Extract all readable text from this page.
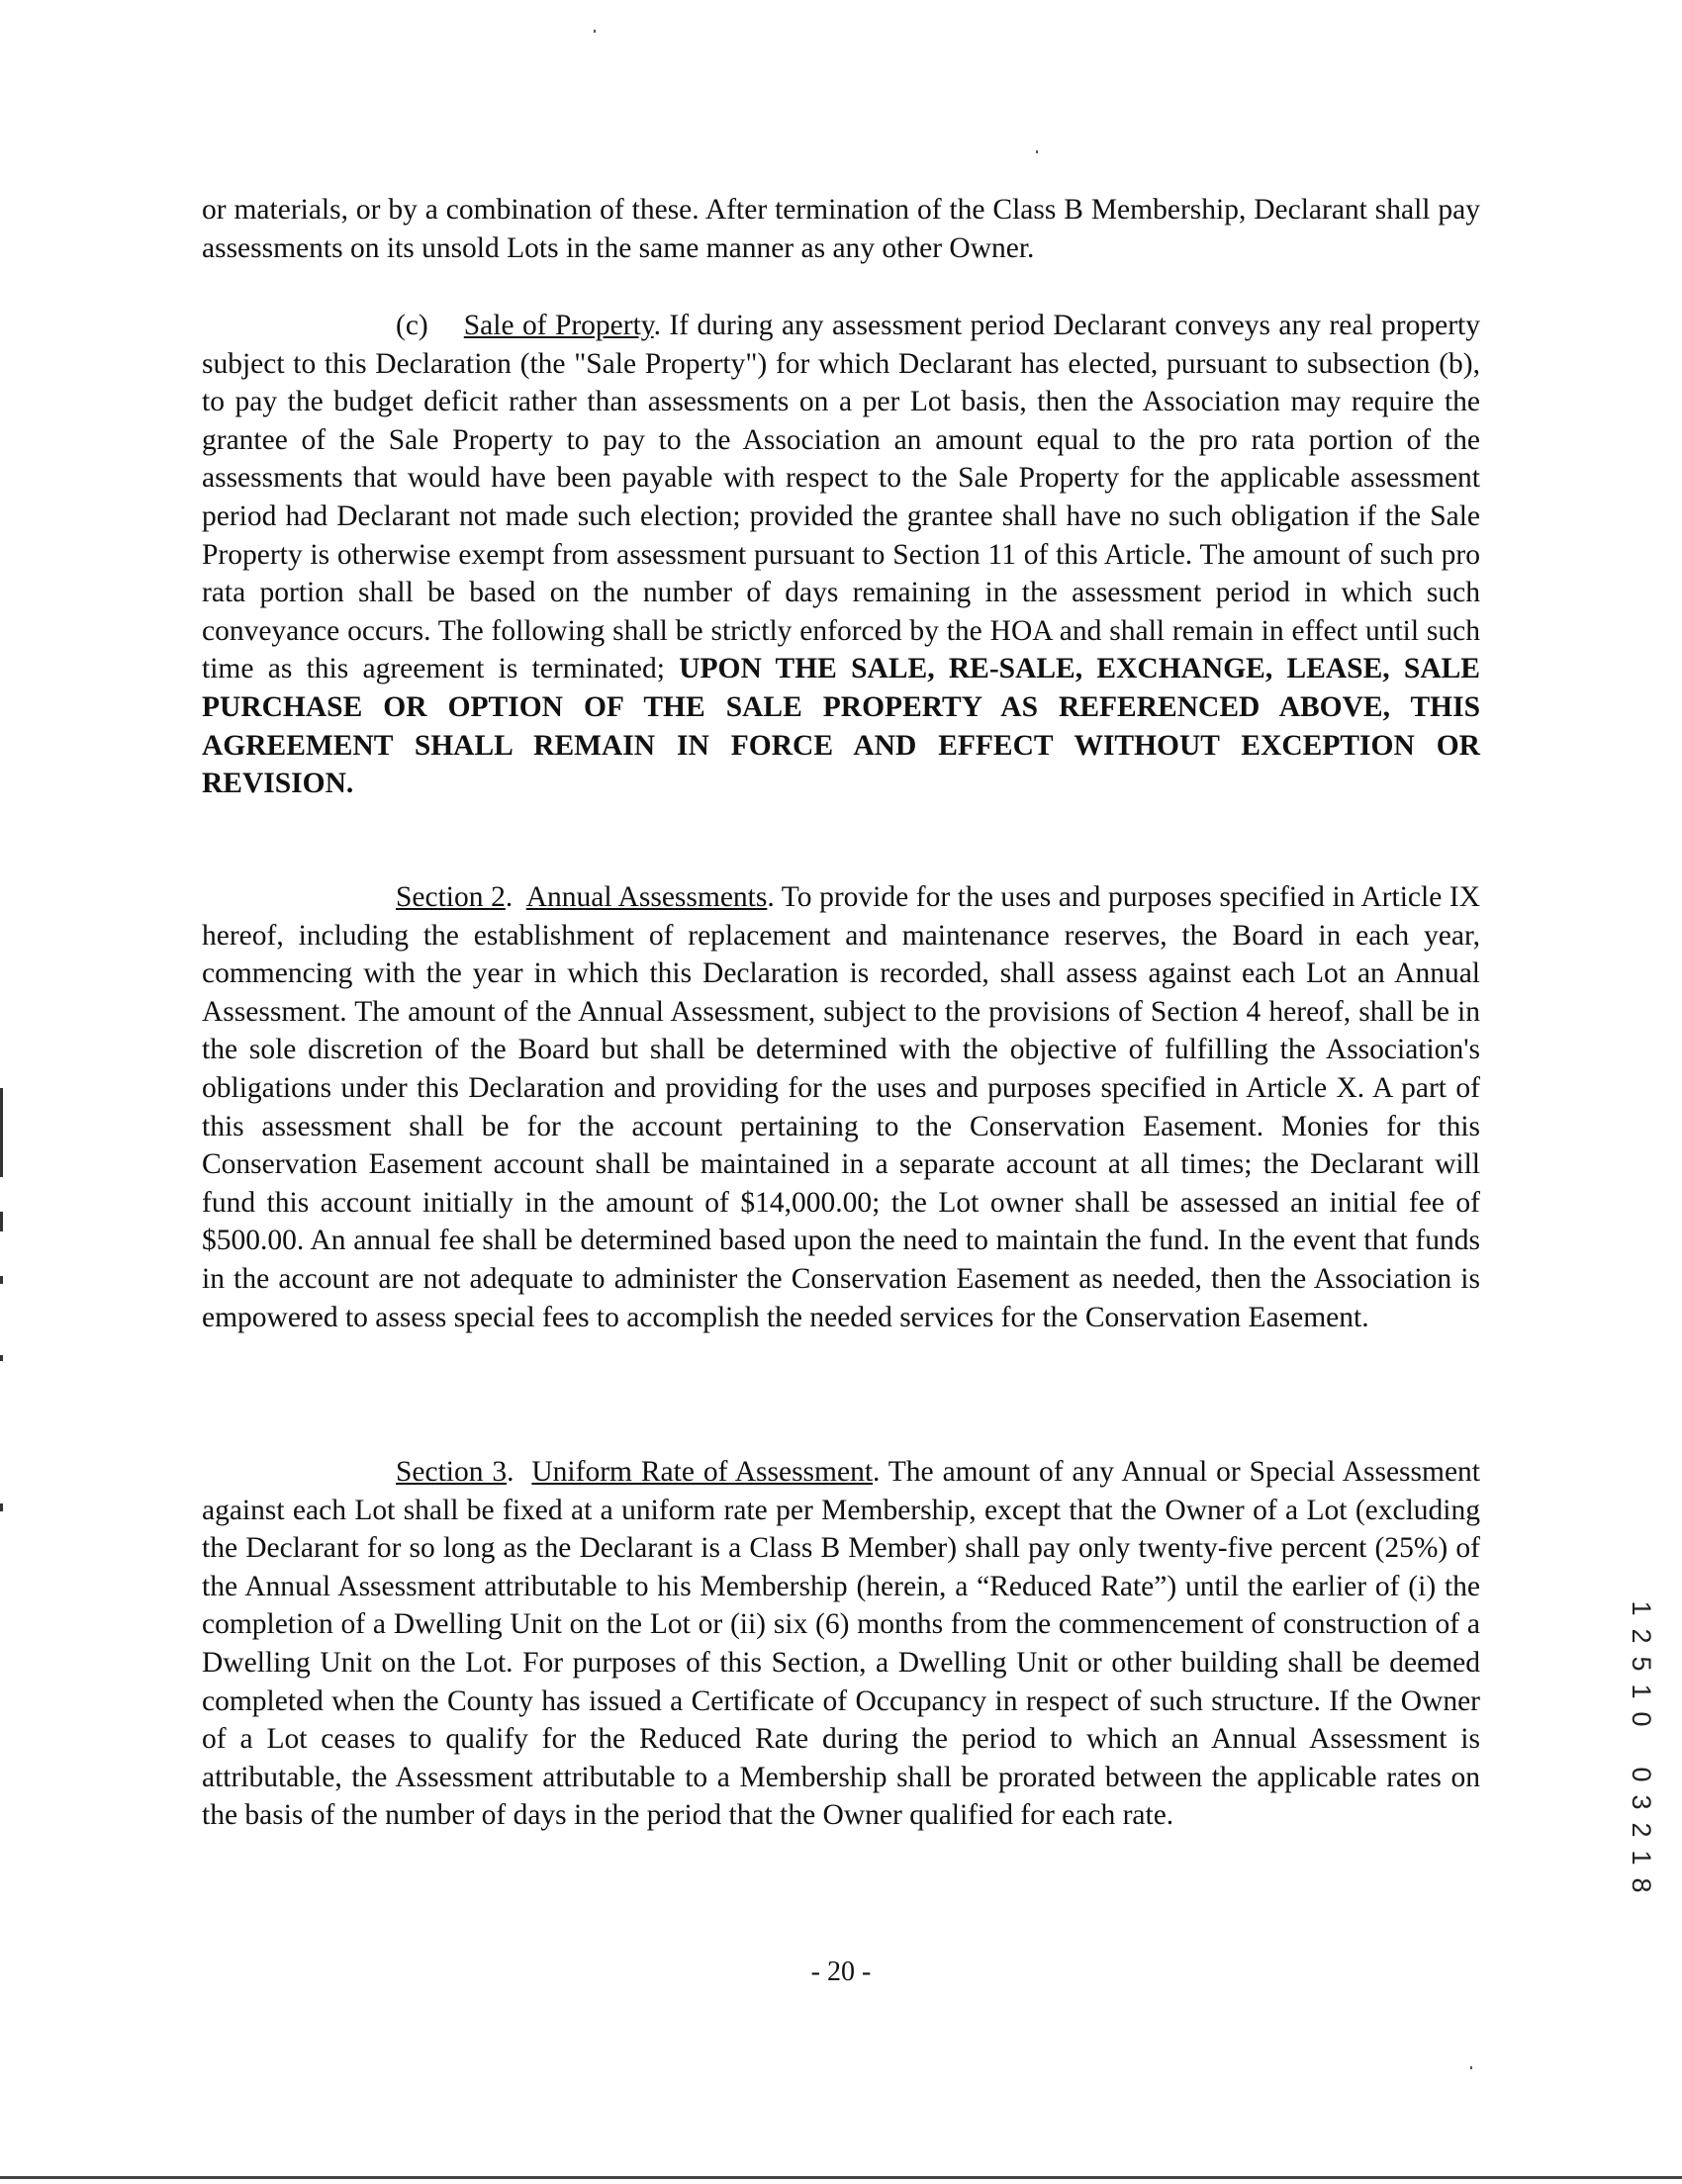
or materials, or by a combination of these. After termination of the Class B Membership, Declarant shall pay assessments on its unsold Lots in the same manner as any other Owner.

(c) Sale of Property. If during any assessment period Declarant conveys any real property subject to this Declaration (the "Sale Property") for which Declarant has elected, pursuant to subsection (b), to pay the budget deficit rather than assessments on a per Lot basis, then the Association may require the grantee of the Sale Property to pay to the Association an amount equal to the pro rata portion of the assessments that would have been payable with respect to the Sale Property for the applicable assessment period had Declarant not made such election; provided the grantee shall have no such obligation if the Sale Property is otherwise exempt from assessment pursuant to Section 11 of this Article. The amount of such pro rata portion shall be based on the number of days remaining in the assessment period in which such conveyance occurs. The following shall be strictly enforced by the HOA and shall remain in effect until such time as this agreement is terminated; UPON THE SALE, RE-SALE, EXCHANGE, LEASE, SALE PURCHASE OR OPTION OF THE SALE PROPERTY AS REFERENCED ABOVE, THIS AGREEMENT SHALL REMAIN IN FORCE AND EFFECT WITHOUT EXCEPTION OR REVISION.

Section 2.  Annual Assessments. To provide for the uses and purposes specified in Article IX hereof, including the establishment of replacement and maintenance reserves, the Board in each year, commencing with the year in which this Declaration is recorded, shall assess against each Lot an Annual Assessment. The amount of the Annual Assessment, subject to the provisions of Section 4 hereof, shall be in the sole discretion of the Board but shall be determined with the objective of fulfilling the Association's obligations under this Declaration and providing for the uses and purposes specified in Article X. A part of this assessment shall be for the account pertaining to the Conservation Easement. Monies for this Conservation Easement account shall be maintained in a separate account at all times; the Declarant will fund this account initially in the amount of $14,000.00; the Lot owner shall be assessed an initial fee of $500.00. An annual fee shall be determined based upon the need to maintain the fund. In the event that funds in the account are not adequate to administer the Conservation Easement as needed, then the Association is empowered to assess special fees to accomplish the needed services for the Conservation Easement.

Section 3.  Uniform Rate of Assessment. The amount of any Annual or Special Assessment against each Lot shall be fixed at a uniform rate per Membership, except that the Owner of a Lot (excluding the Declarant for so long as the Declarant is a Class B Member) shall pay only twenty-five percent (25%) of the Annual Assessment attributable to his Membership (herein, a “Reduced Rate”) until the earlier of (i) the completion of a Dwelling Unit on the Lot or (ii) six (6) months from the commencement of construction of a Dwelling Unit on the Lot. For purposes of this Section, a Dwelling Unit or other building shall be deemed completed when the County has issued a Certificate of Occupancy in respect of such structure. If the Owner of a Lot ceases to qualify for the Reduced Rate during the period to which an Annual Assessment is attributable, the Assessment attributable to a Membership shall be prorated between the applicable rates on the basis of the number of days in the period that the Owner qualified for each rate.

- 20 -
1
2
5
1
0
0
3
2
1
8
